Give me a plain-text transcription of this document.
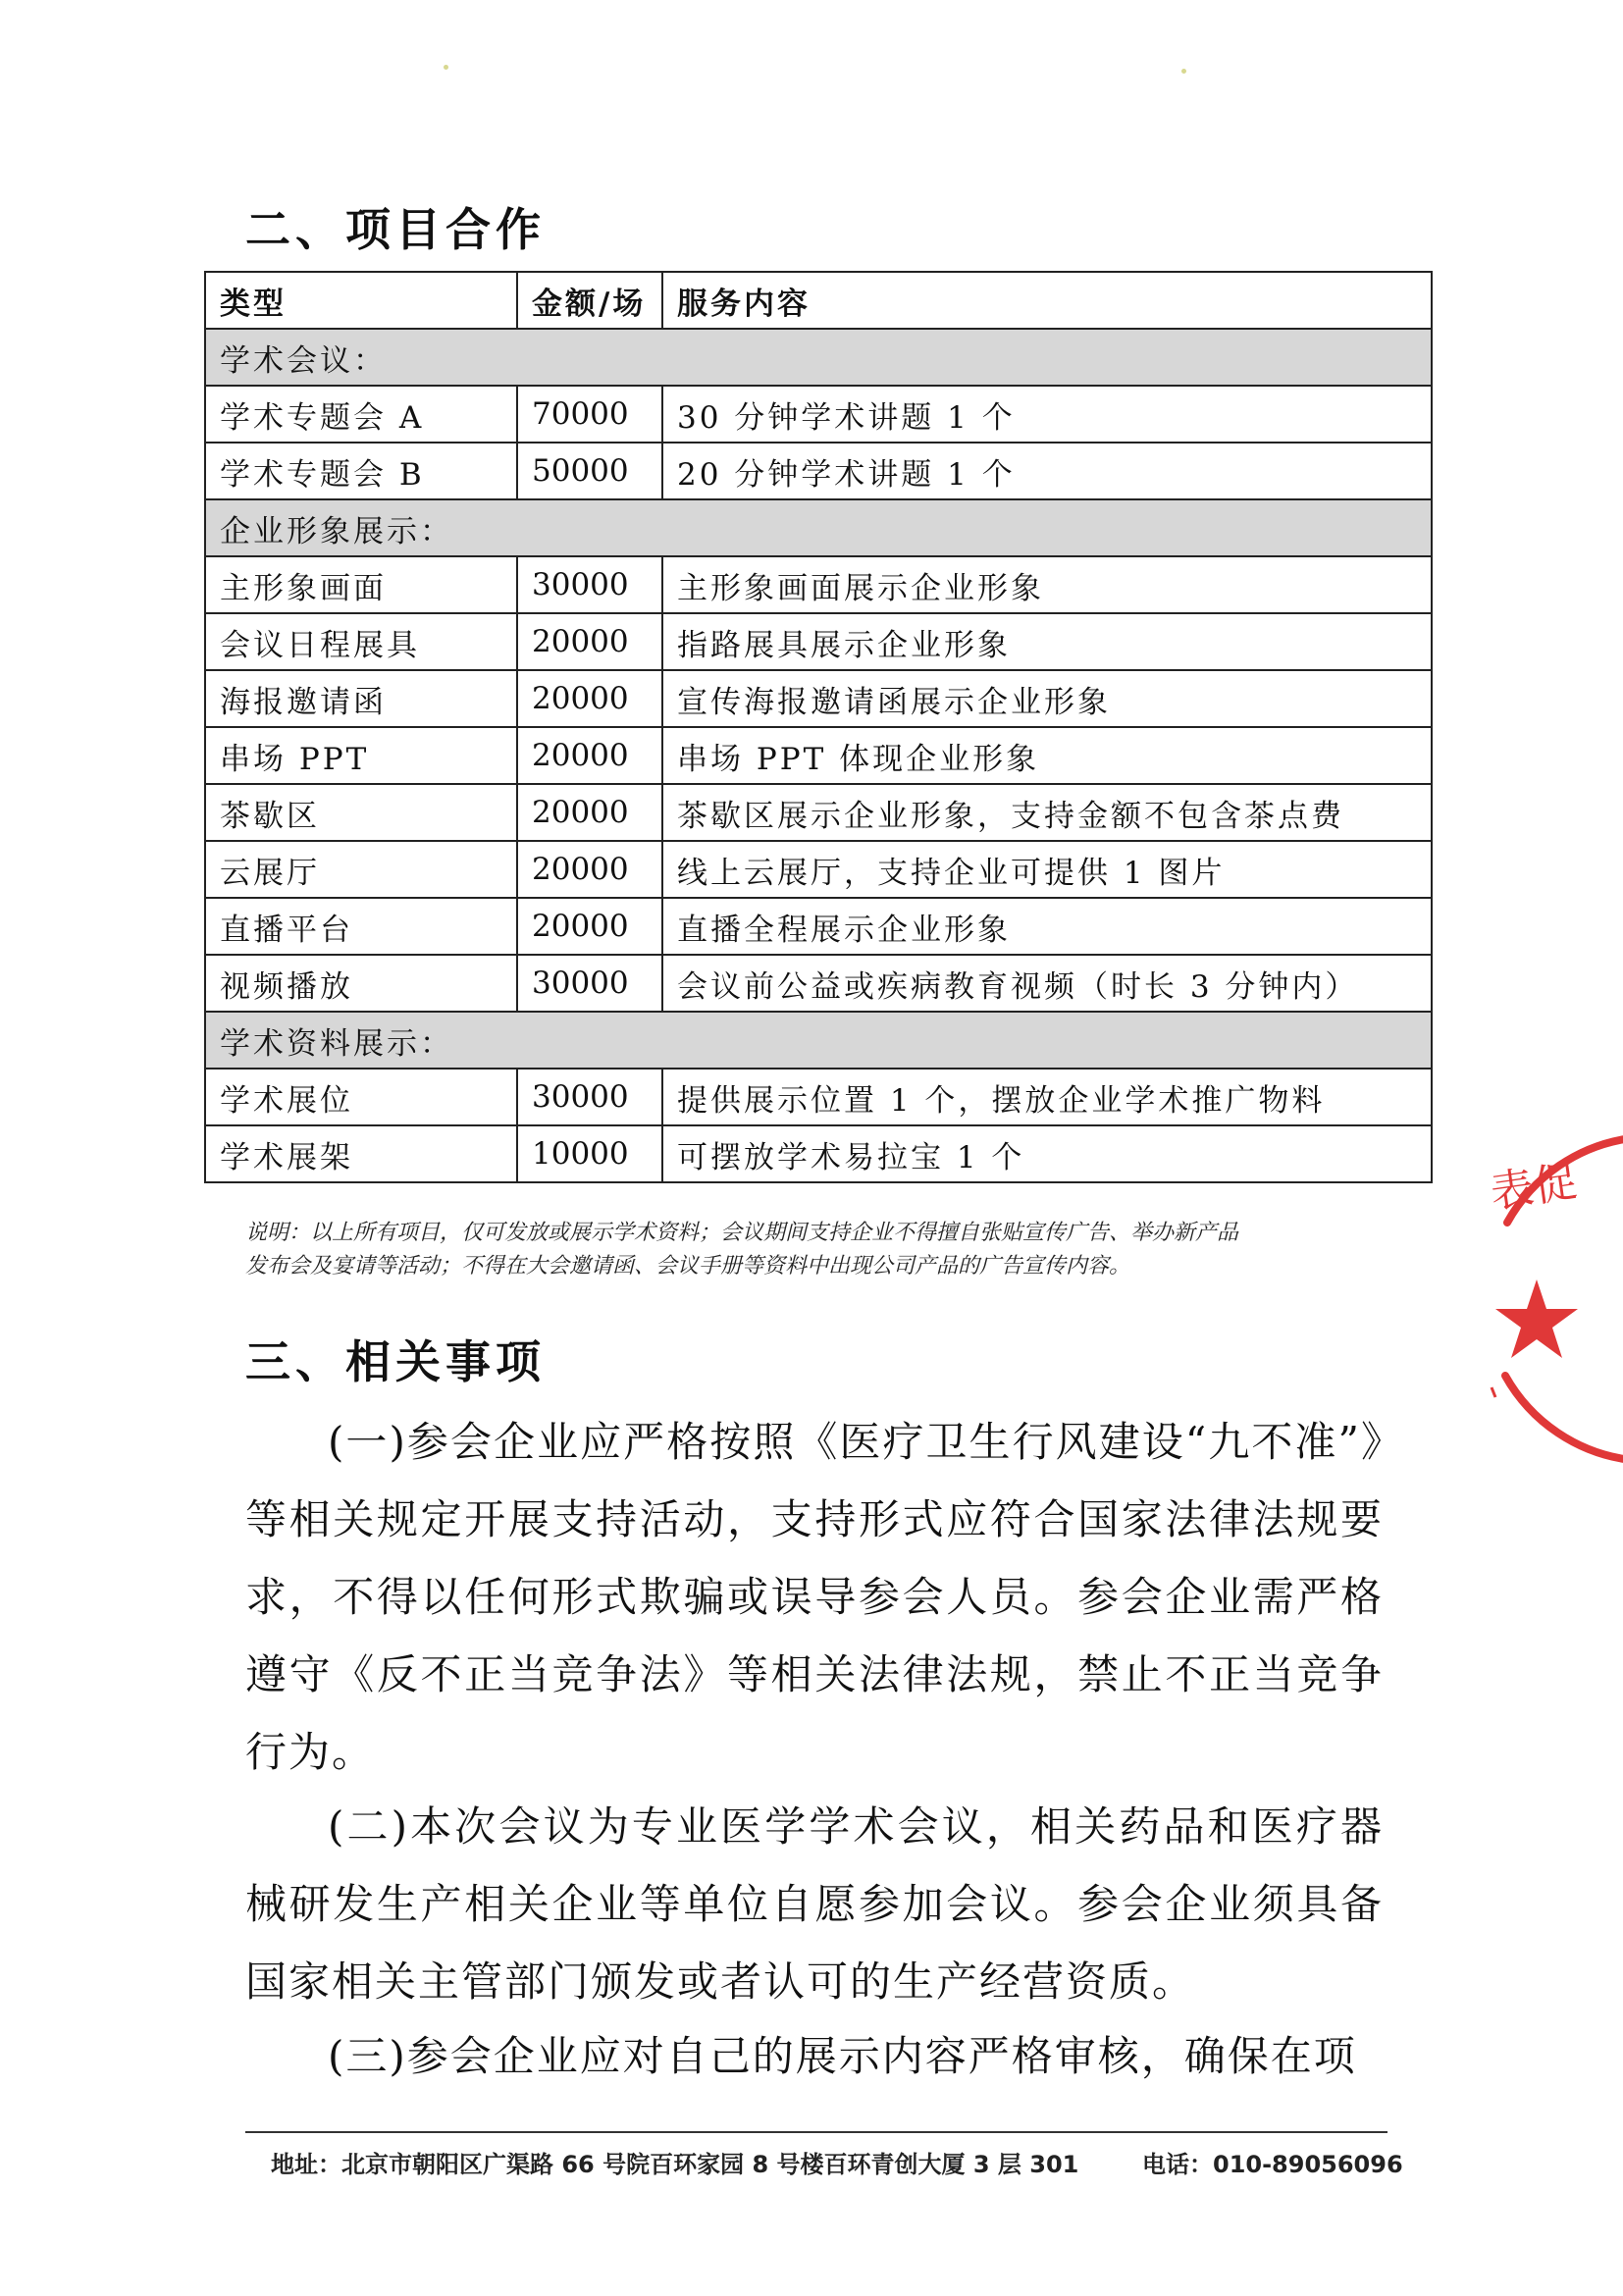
二、项目合作
类型	金额/场	服务内容
学术会议：		
学术专题会 A	70000	30 分钟学术讲题 1 个
学术专题会 B	50000	20 分钟学术讲题 1 个
企业形象展示：		
主形象画面	30000	主形象画面展示企业形象
会议日程展具	20000	指路展具展示企业形象
海报邀请函	20000	宣传海报邀请函展示企业形象
串场 PPT	20000	串场 PPT 体现企业形象
茶歇区	20000	茶歇区展示企业形象，支持金额不包含茶点费
云展厅	20000	线上云展厅，支持企业可提供 1 图片
直播平台	20000	直播全程展示企业形象
视频播放	30000	会议前公益或疾病教育视频（时长 3 分钟内）
学术资料展示：		
学术展位	30000	提供展示位置 1 个，摆放企业学术推广物料
学术展架	10000	可摆放学术易拉宝 1 个
说明：以上所有项目，仅可发放或展示学术资料；会议期间支持企业不得擅自张贴宣传广告、举办新产品
发布会及宴请等活动；不得在大会邀请函、会议手册等资料中出现公司产品的广告宣传内容。
三、相关事项
(一)参会企业应严格按照《医疗卫生行风建设“九不准”》等相关规定开展支持活动，支持形式应符合国家法律法规要求，不得以任何形式欺骗或误导参会人员。参会企业需严格遵守《反不正当竞争法》等相关法律法规，禁止不正当竞争行为。
(二)本次会议为专业医学学术会议，相关药品和医疗器械研发生产相关企业等单位自愿参加会议。参会企业须具备国家相关主管部门颁发或者认可的生产经营资质。
(三)参会企业应对自己的展示内容严格审核，确保在项
地址：北京市朝阳区广渠路 66 号院百环家园 8 号楼百环青创大厦 3 层 301	电话：010-89056096
表促
